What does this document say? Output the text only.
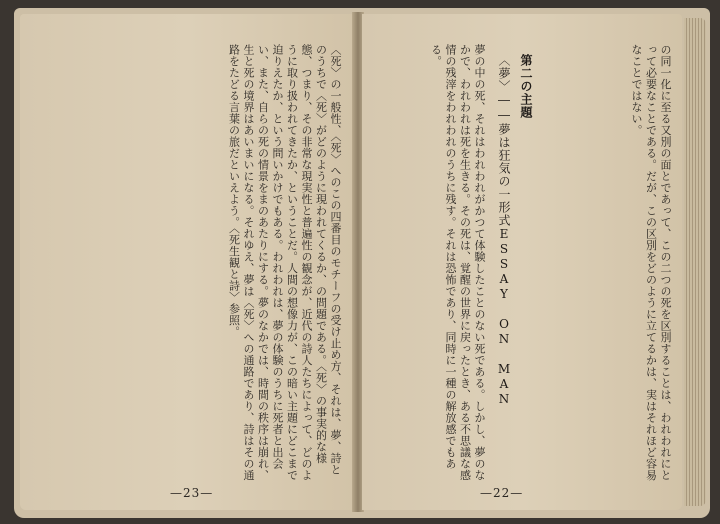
〈死〉の一般性、〈死〉へのこの四番目のモチーフの受け止め方、それは、夢、詩とのうちで〈死〉がどのように現われてくるか、の問題である。〈死〉の事実的な様態、つまり、その非常な現実性と普遍性の観念が、近代の詩人たちによって、どのように取り扱われてきたか、ということだ。人間の想像力が、この暗い主題にどこまで迫りえたか、という問いかけでもある。われわれは、夢の体験のうちに死者と出会い、また、自らの死の情景をまのあたりにする。夢のなかでは、時間の秩序は崩れ、生と死の境界はあいまいになる。それゆえ、夢は〈死〉への通路であり、詩はその通路をたどる言葉の旅だといえよう。〈死生観と詩〉参照。
—23—
の同一化に至る又別の面とであって、この二つの死を区別することは、われわれにとって必要なことである。だが、この区別をどのように立てるかは、実はそれほど容易なことではない。
第二の主題
〈夢〉――夢は狂気の一形式ESSAY ON MAN
夢の中の死、それはわれわれがかつて体験したことのない死である。しかし、夢のなかで、われわれは死を生きる。その死は、覚醒の世界に戻ったとき、ある不思議な感情の残滓をわれわれのうちに残す。それは恐怖であり、同時に一種の解放感でもある。
—22—
